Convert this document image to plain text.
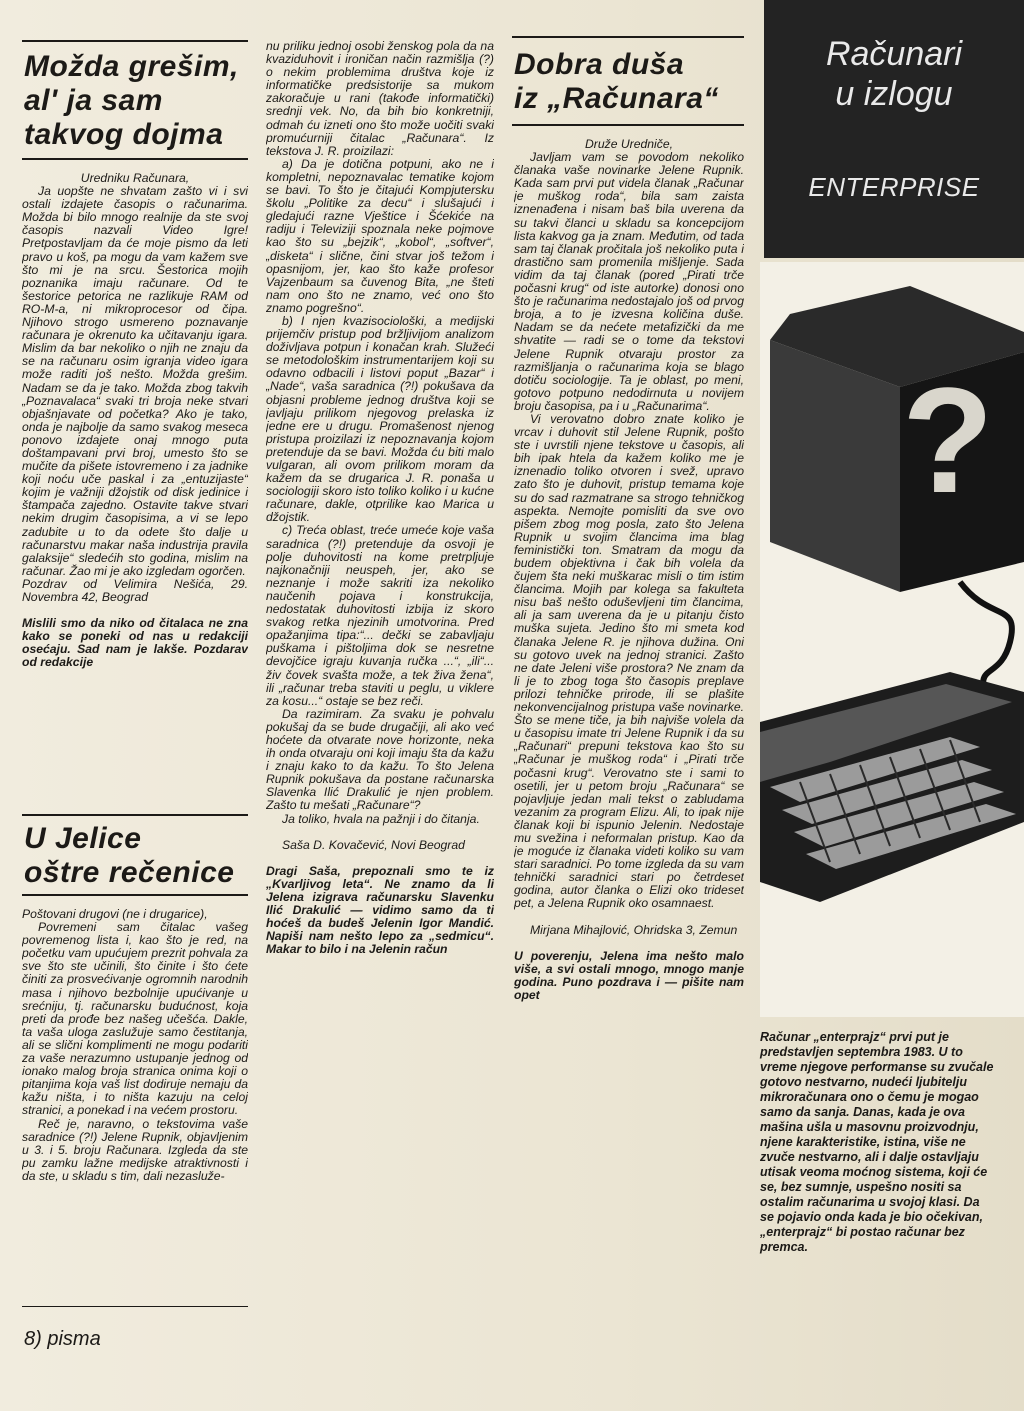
Možda grešim,
al' ja sam
takvog dojma

Uredniku Računara,

Ja uopšte ne shvatam zašto vi i svi ostali izdajete časopis o računarima. Možda bi bilo mnogo realnije da ste svoj časopis nazvali Video Igre! Pretpostavljam da će moje pismo da leti pravo u koš, pa mogu da vam kažem sve što mi je na srcu. Šestorica mojih poznanika imaju računare. Od te šestorice petorica ne razlikuje RAM od RO-M-a, ni mikroprocesor od čipa. Njihovo strogo usmereno poznavanje računara je okrenuto ka učitavanju igara. Mislim da bar nekoliko o njih ne znaju da se na računaru osim igranja video igara može raditi još nešto. Možda grešim. Nadam se da je tako. Možda zbog takvih „Poznavalaca“ svaki tri broja neke stvari objašnjavate od početka? Ako je tako, onda je najbolje da samo svakog meseca ponovo izdajete onaj mnogo puta doštampavani prvi broj, umesto što se mučite da pišete istovremeno i za jadnike koji noću uče paskal i za „entuzijaste“ kojim je važniji džojstik od disk jedinice i štampača zajedno. Ostavite takve stvari nekim drugim časopisima, a vi se lepo zadubite u to da odete što dalje u računarstvu makar naša industrija pravila galaksije“ sledećih sto godina, mislim na računar. Žao mi je ako izgledam ogorčen.

Pozdrav od Velimira Nešića, 29. Novembra 42, Beograd

Mislili smo da niko od čitalaca ne zna kako se poneki od nas u redakciji osećaju. Sad nam je lakše. Pozdarav od redakcije

U Jelice
oštre rečenice

Poštovani drugovi (ne i drugarice),

Povremeni sam čitalac vašeg povremenog lista i, kao što je red, na početku vam upućujem prezrit pohvala za sve što ste učinili, što činite i što ćete činiti za prosvećivanje ogromnih narodnih masa i njihovo bezbolnije upućivanje u srećniju, tj. računarsku budućnost, koja preti da prođe bez našeg učešća. Dakle, ta vaša uloga zaslužuje samo čestitanja, ali se slični komplimenti ne mogu podariti za vaše nerazumno ustupanje jednog od ionako malog broja stranica onima koji o pitanjima koja vaš list dodiruje nemaju da kažu ništa, i to ništa kazuju na celoj stranici, a ponekad i na većem prostoru.

Reč je, naravno, o tekstovima vaše saradnice (?!) Jelene Rupnik, objavljenim u 3. i 5. broju Računara. Izgleda da ste pu zamku lažne medijske atraktivnosti i da ste, u skladu s tim, dali nezasluže-

nu priliku jednoj osobi ženskog pola da na kvaziduhovit i ironičan način razmišlja (?) o nekim problemima društva koje iz informatičke predsistorije sa mukom zakoračuje u rani (takođe informatički) srednji vek. No, da bih bio konkretniji, odmah ću izneti ono što može uočiti svaki promućurniji čitalac „Računara“. Iz tekstova J. R. proizilazi:

a) Da je dotična potpuni, ako ne i kompletni, nepoznavalac tematike kojom se bavi. To što je čitajući Kompjutersku školu „Politike za decu“ i slušajući i gledajući razne Vještice i Šćekiće na radiju i Televiziji spoznala neke pojmove kao što su „bejzik“, „kobol“, „softver“, „disketa“ i slične, čini stvar još težom i opasnijom, jer, kao što kaže profesor Vajzenbaum sa čuvenog Bita, „ne šteti nam ono što ne znamo, već ono što znamo pogrešno“.

b) I njen kvazisociološki, a medijski prijemčiv pristup pod bržljivijom analizom doživljava potpun i konačan krah. Služeći se metodološkim instrumentarijem koji su odavno odbacili i listovi poput „Bazar“ i „Nade“, vaša saradnica (?!) pokušava da objasni probleme jednog društva koji se javljaju prilikom njegovog prelaska iz jedne ere u drugu. Promašenost njenog pristupa proizilazi iz nepoznavanja kojom pretenduje da se bavi. Možda ću biti malo vulgaran, ali ovom prilikom moram da kažem da se drugarica J. R. ponaša u sociologiji skoro isto toliko koliko i u kućne računare, dakle, otprilike kao Marica u džojstik.

c) Treća oblast, treće umeće koje vaša saradnica (?!) pretenduje da osvoji je polje duhovitosti na kome pretrpljuje najkonačniji neuspeh, jer, ako se neznanje i može sakriti iza nekoliko naučenih pojava i konstrukcija, nedostatak duhovitosti izbija iz skoro svakog retka njezinih umotvorina. Pred opažanjima tipa:“... dečki se zabavljaju puškama i pištoljima dok se nesretne devojčice igraju kuvanja ručka ...“, „ili“... živ čovek svašta može, a tek živa žena“, ili „računar treba staviti u peglu, u viklere za kosu...“ ostaje se bez reči.

Da razimiram. Za svaku je pohvalu pokušaj da se bude drugačiji, ali ako već hoćete da otvarate nove horizonte, neka ih onda otvaraju oni koji imaju šta da kažu i znaju kako to da kažu. To što Jelena Rupnik pokušava da postane računarska Slavenka Ilić Drakulić je njen problem. Zašto tu mešati „Računare“?

Ja toliko, hvala na pažnji i do čitanja.

Saša D. Kovačević, Novi Beograd

Dragi Saša, prepoznali smo te iz „Kvarljivog leta“. Ne znamo da li Jelena izigrava računarsku Slavenku Ilić Drakulić — vidimo samo da ti hoćeš da budeš Jelenin Igor Mandić. Napiši nam nešto lepo za „sedmicu“. Makar to bilo i na Jelenin račun

Dobra duša
iz „Računara“

Druže Uredniče,

Javljam vam se povodom nekoliko članaka vaše novinarke Jelene Rupnik. Kada sam prvi put videla članak „Računar je muškog roda“, bila sam zaista iznenađena i nisam baš bila uverena da su takvi članci u skladu sa koncepcijom lista kakvog ga ja znam. Međutim, od tada sam taj članak pročitala još nekoliko puta i drastično sam promenila mišljenje. Sada vidim da taj članak (pored „Pirati trče počasni krug“ od iste autorke) donosi ono što je računarima nedostajalo još od prvog broja, a to je izvesna količina duše. Nadam se da nećete metafizički da me shvatite — radi se o tome da tekstovi Jelene Rupnik otvaraju prostor za razmišljanja o računarima koja se blago dotiču sociologije. Ta je oblast, po meni, gotovo potpuno nedodirnuta u novijem broju časopisa, pa i u „Računarima“.

Vi verovatno dobro znate koliko je vrcav i duhovit stil Jelene Rupnik, pošto ste i uvrstili njene tekstove u časopis, ali bih ipak htela da kažem koliko me je iznenadio toliko otvoren i svež, upravo zato što je duhovit, pristup temama koje su do sad razmatrane sa strogo tehničkog aspekta. Nemojte pomisliti da sve ovo pišem zbog mog posla, zato što Jelena Rupnik u svojim člancima ima blag feministički ton. Smatram da mogu da budem objektivna i čak bih volela da čujem šta neki muškarac misli o tim istim člancima. Mojih par kolega sa fakulteta nisu baš nešto oduševljeni tim člancima, ali ja sam uverena da je u pitanju čisto muška sujeta. Jedino što mi smeta kod članaka Jelene R. je njihova dužina. Oni su gotovo uvek na jednoj stranici. Zašto ne date Jeleni više prostora? Ne znam da li je to zbog toga što časopis preplave prilozi tehničke prirode, ili se plašite nekonvencijalnog pristupa vaše novinarke. Što se mene tiče, ja bih najviše volela da u časopisu imate tri Jelene Rupnik i da su „Računari“ prepuni tekstova kao što su „Računar je muškog roda“ i „Pirati trče počasni krug“. Verovatno ste i sami to osetili, jer u petom broju „Računara“ se pojavljuje jedan mali tekst o zabludama vezanim za program Elizu. Ali, to ipak nije članak koji bi ispunio Jelenin. Nedostaje mu svežina i neformalan pristup. Kao da je moguće iz članaka videti koliko su vam stari saradnici. Po tome izgleda da su vam tehnički saradnici stari po četrdeset godina, autor članka o Elizi oko trideset pet, a Jelena Rupnik oko osamnaest.

Mirjana Mihajlović, Ohridska 3, Zemun

U poverenju, Jelena ima nešto malo više, a svi ostali mnogo, mnogo manje godina. Puno pozdrava i — pišite nam opet

Računari
u izlogu
ENTERPRISE
?
Računar „enterprajz“ prvi put je predstavljen septembra 1983. U to vreme njegove performanse su zvučale gotovo nestvarno, nudeći ljubitelju mikroračunara ono o čemu je mogao samo da sanja. Danas, kada je ova mašina ušla u masovnu proizvodnju, njene karakteristike, istina, više ne zvuče nestvarno, ali i dalje ostavljaju utisak veoma moćnog sistema, koji će se, bez sumnje, uspešno nositi sa ostalim računarima u svojoj klasi. Da se pojavio onda kada je bio očekivan, „enterprajz“ bi postao računar bez premca.
8) pisma
